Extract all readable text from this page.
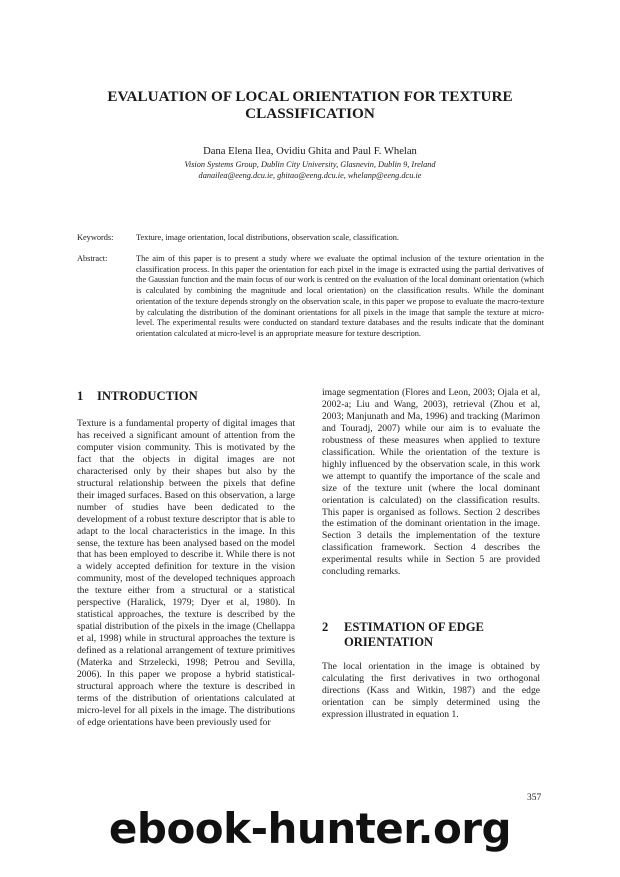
EVALUATION OF LOCAL ORIENTATION FOR TEXTURE CLASSIFICATION
Dana Elena Ilea, Ovidiu Ghita and Paul F. Whelan
Vision Systems Group, Dublin City University, Glasnevin, Dublin 9, Ireland
danailea@eeng.dcu.ie, ghitao@eeng.dcu.ie, whelanp@eeng.dcu.ie
Keywords:	Texture, image orientation, local distributions, observation scale, classification.
Abstract:	The aim of this paper is to present a study where we evaluate the optimal inclusion of the texture orientation in the classification process. In this paper the orientation for each pixel in the image is extracted using the partial derivatives of the Gaussian function and the main focus of our work is centred on the evaluation of the local dominant orientation (which is calculated by combining the magnitude and local orientation) on the classification results. While the dominant orientation of the texture depends strongly on the observation scale, in this paper we propose to evaluate the macro-texture by calculating the distribution of the dominant orientations for all pixels in the image that sample the texture at micro-level. The experimental results were conducted on standard texture databases and the results indicate that the dominant orientation calculated at micro-level is an appropriate measure for texture description.
1 INTRODUCTION

Texture is a fundamental property of digital images that has received a significant amount of attention from the computer vision community. This is motivated by the fact that the objects in digital images are not characterised only by their shapes but also by the structural relationship between the pixels that define their imaged surfaces. Based on this observation, a large number of studies have been dedicated to the development of a robust texture descriptor that is able to adapt to the local characteristics in the image. In this sense, the texture has been analysed based on the model that has been employed to describe it. While there is not a widely accepted definition for texture in the vision community, most of the developed techniques approach the texture either from a structural or a statistical perspective (Haralick, 1979; Dyer et al, 1980). In statistical approaches, the texture is described by the spatial distribution of the pixels in the image (Chellappa et al, 1998) while in structural approaches the texture is defined as a relational arrangement of texture primitives (Materka and Strzelecki, 1998; Petrou and Sevilla, 2006). In this paper we propose a hybrid statistical-structural approach where the texture is described in terms of the distribution of orientations calculated at micro-level for all pixels in the image. The distributions of edge orientations have been previously used for

image segmentation (Flores and Leon, 2003; Ojala et al, 2002-a; Liu and Wang, 2003), retrieval (Zhou et al, 2003; Manjunath and Ma, 1996) and tracking (Marimon and Touradj, 2007) while our aim is to evaluate the robustness of these measures when applied to texture classification. While the orientation of the texture is highly influenced by the observation scale, in this work we attempt to quantify the importance of the scale and size of the texture unit (where the local dominant orientation is calculated) on the classification results. This paper is organised as follows. Section 2 describes the estimation of the dominant orientation in the image. Section 3 details the implementation of the texture classification framework. Section 4 describes the experimental results while in Section 5 are provided concluding remarks.

2 ESTIMATION OF EDGE ORIENTATION

The local orientation in the image is obtained by calculating the first derivatives in two orthogonal directions (Kass and Witkin, 1987) and the edge orientation can be simply determined using the expression illustrated in equation 1.

357
ebook-hunter.org
